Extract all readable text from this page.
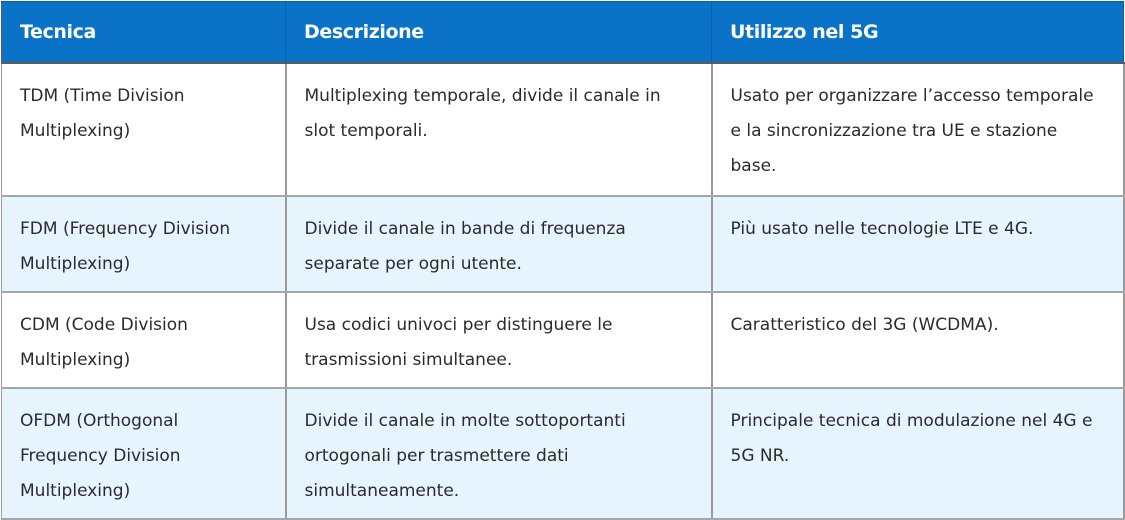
Tecnica	Descrizione	Utilizzo nel 5G
TDM (Time Division Multiplexing)	Multiplexing temporale, divide il canale in slot temporali.	Usato per organizzare l’accesso temporale e la sincronizzazione tra UE e stazione base.
FDM (Frequency Division Multiplexing)	Divide il canale in bande di frequenza separate per ogni utente.	Più usato nelle tecnologie LTE e 4G.
CDM (Code Division Multiplexing)	Usa codici univoci per distinguere le trasmissioni simultanee.	Caratteristico del 3G (WCDMA).
OFDM (Orthogonal Frequency Division Multiplexing)	Divide il canale in molte sottoportanti ortogonali per trasmettere dati simultaneamente.	Principale tecnica di modulazione nel 4G e 5G NR.
